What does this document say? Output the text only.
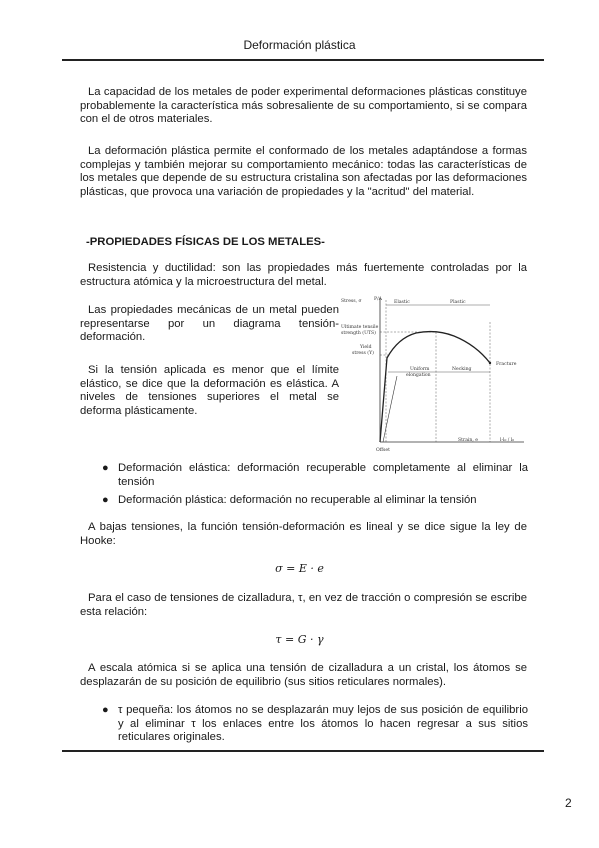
Deformación plástica

La capacidad de los metales de poder experimental deformaciones plásticas constituye probablemente la característica más sobresaliente de su comportamiento, si se compara con el de otros materiales.

La deformación plástica permite el conformado de los metales adaptándose a formas complejas y también mejorar su comportamiento mecánico: todas las características de los metales que depende de su estructura cristalina son afectadas por las deformaciones plásticas, que provoca una variación de propiedades y la "acritud" del material.

-PROPIEDADES FÍSICAS DE LOS METALES-

Resistencia y ductilidad: son las propiedades más fuertemente controladas por la estructura atómica y la microestructura del metal.

Las propiedades mecánicas de un metal pueden representarse por un diagrama tensión-deformación.

Si la tensión aplicada es menor que el límite elástico, se dice que la deformación es elástica. A niveles de tensiones superiores el metal se deforma plásticamente.

Stress, σ	P/A
Elastic	Plastic
Ultimate tensile
strength (UTS)
Yield
stress (Y)
Uniform
elongation
Necking
Fracture
Offset
Strain, e	l-l₀ / l₀
● Deformación elástica: deformación recuperable completamente al eliminar la tensión
● Deformación plástica: deformación no recuperable al eliminar la tensión

A bajas tensiones, la función tensión-deformación es lineal y se dice sigue la ley de Hooke:

σ = E · e

Para el caso de tensiones de cizalladura, τ, en vez de tracción o compresión se escribe esta relación:

τ = G · γ

A escala atómica si se aplica una tensión de cizalladura a un cristal, los átomos se desplazarán de su posición de equilibrio (sus sitios reticulares normales).

● τ pequeña: los átomos no se desplazarán muy lejos de sus posición de equilibrio y al eliminar τ los enlaces entre los átomos lo hacen regresar a sus sitios reticulares originales.
2
